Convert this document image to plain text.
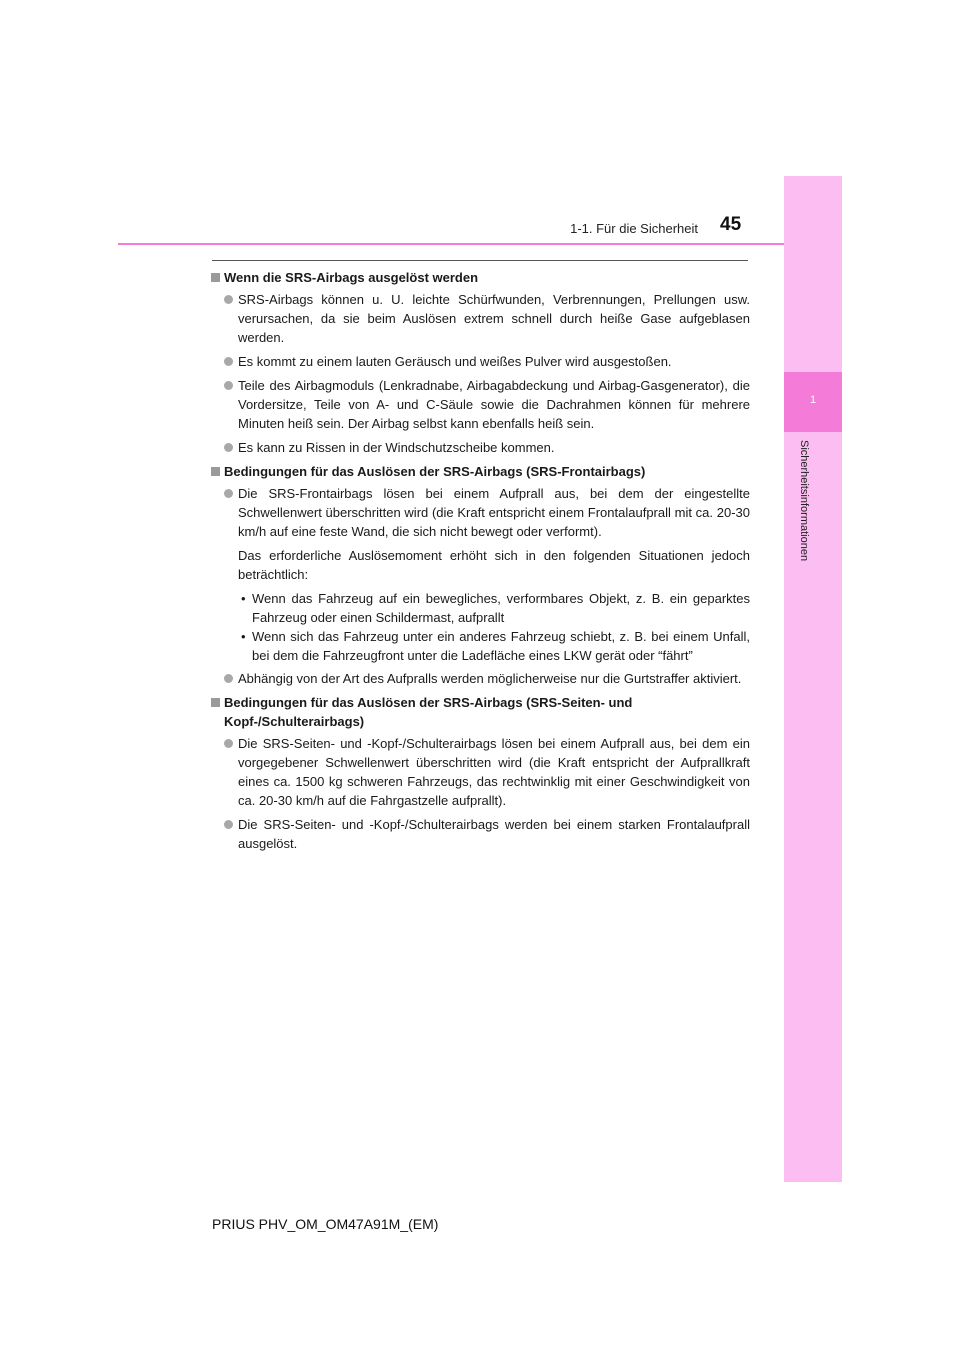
1-1. Für die Sicherheit 45
1
Sicherheitsinformationen
Wenn die SRS-Airbags ausgelöst werden
SRS-Airbags können u. U. leichte Schürfwunden, Verbrennungen, Prellungen usw. verursachen, da sie beim Auslösen extrem schnell durch heiße Gase aufgeblasen werden.
Es kommt zu einem lauten Geräusch und weißes Pulver wird ausgestoßen.
Teile des Airbagmoduls (Lenkradnabe, Airbagabdeckung und Airbag-Gasgenerator), die Vordersitze, Teile von A- und C-Säule sowie die Dachrahmen können für mehrere Minuten heiß sein. Der Airbag selbst kann ebenfalls heiß sein.
Es kann zu Rissen in der Windschutzscheibe kommen.
Bedingungen für das Auslösen der SRS-Airbags (SRS-Frontairbags)
Die SRS-Frontairbags lösen bei einem Aufprall aus, bei dem der eingestellte Schwellenwert überschritten wird (die Kraft entspricht einem Frontalaufprall mit ca. 20-30 km/h auf eine feste Wand, die sich nicht bewegt oder verformt).
Das erforderliche Auslösemoment erhöht sich in den folgenden Situationen jedoch beträchtlich:
• Wenn das Fahrzeug auf ein bewegliches, verformbares Objekt, z. B. ein geparktes Fahrzeug oder einen Schildermast, aufprallt
• Wenn sich das Fahrzeug unter ein anderes Fahrzeug schiebt, z. B. bei einem Unfall, bei dem die Fahrzeugfront unter die Ladefläche eines LKW gerät oder “fährt”
Abhängig von der Art des Aufpralls werden möglicherweise nur die Gurtstraffer aktiviert.
Bedingungen für das Auslösen der SRS-Airbags (SRS-Seiten- und Kopf-/Schulterairbags)
Die SRS-Seiten- und -Kopf-/Schulterairbags lösen bei einem Aufprall aus, bei dem ein vorgegebener Schwellenwert überschritten wird (die Kraft entspricht der Aufprallkraft eines ca. 1500 kg schweren Fahrzeugs, das rechtwinklig mit einer Geschwindigkeit von ca. 20-30 km/h auf die Fahrgastzelle aufprallt).
Die SRS-Seiten- und -Kopf-/Schulterairbags werden bei einem starken Frontalaufprall ausgelöst.
PRIUS PHV_OM_OM47A91M_(EM)
